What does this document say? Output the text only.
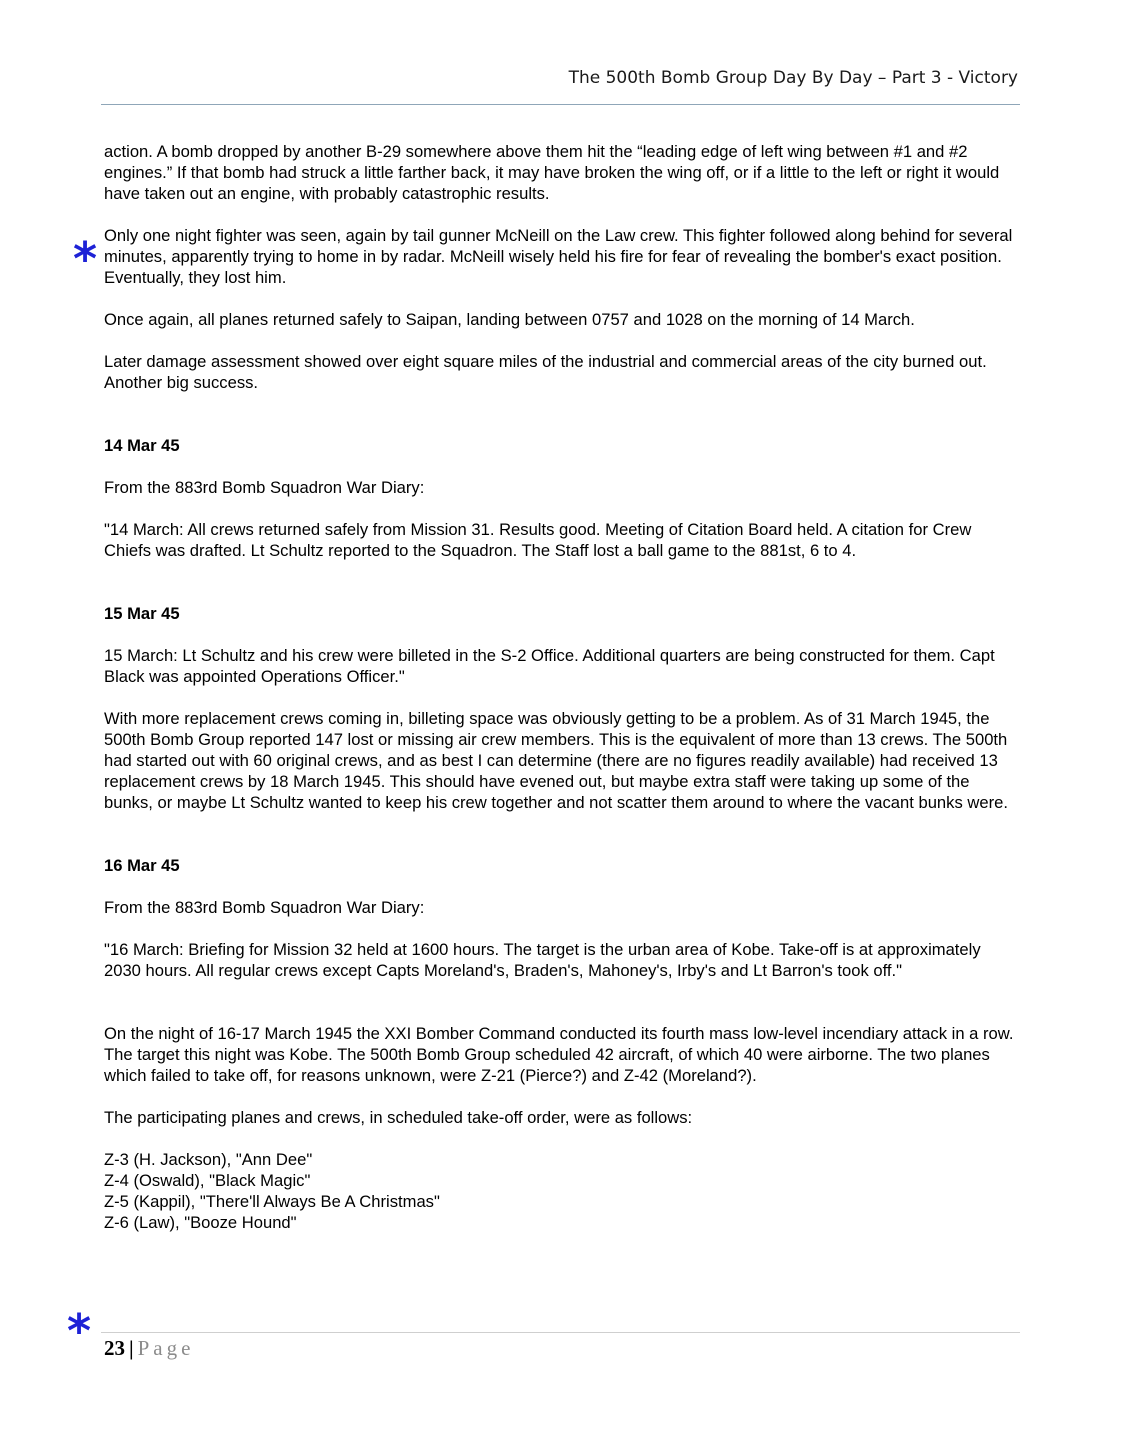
The 500th Bomb Group Day By Day – Part 3 - Victory
*
*

action. A bomb dropped by another B-29 somewhere above them hit the “leading edge of left wing between #1 and #2 engines.” If that bomb had struck a little farther back, it may have broken the wing off, or if a little to the left or right it would have taken out an engine, with probably catastrophic results.

Only one night fighter was seen, again by tail gunner McNeill on the Law crew. This fighter followed along behind for several minutes, apparently trying to home in by radar. McNeill wisely held his fire for fear of revealing the bomber's exact position. Eventually, they lost him.

Once again, all planes returned safely to Saipan, landing between 0757 and 1028 on the morning of 14 March.

Later damage assessment showed over eight square miles of the industrial and commercial areas of the city burned out. Another big success.

14 Mar 45

From the 883rd Bomb Squadron War Diary:

"14 March: All crews returned safely from Mission 31. Results good. Meeting of Citation Board held. A citation for Crew Chiefs was drafted. Lt Schultz reported to the Squadron. The Staff lost a ball game to the 881st, 6 to 4.

15 Mar 45

15 March: Lt Schultz and his crew were billeted in the S-2 Office. Additional quarters are being constructed for them. Capt Black was appointed Operations Officer."

With more replacement crews coming in, billeting space was obviously getting to be a problem. As of 31 March 1945, the 500th Bomb Group reported 147 lost or missing air crew members. This is the equivalent of more than 13 crews. The 500th had started out with 60 original crews, and as best I can determine (there are no figures readily available) had received 13 replacement crews by 18 March 1945. This should have evened out, but maybe extra staff were taking up some of the bunks, or maybe Lt Schultz wanted to keep his crew together and not scatter them around to where the vacant bunks were.

16 Mar 45

From the 883rd Bomb Squadron War Diary:

"16 March: Briefing for Mission 32 held at 1600 hours. The target is the urban area of Kobe. Take-off is at approximately 2030 hours. All regular crews except Capts Moreland's, Braden's, Mahoney's, Irby's and Lt Barron's took off."

On the night of 16-17 March 1945 the XXI Bomber Command conducted its fourth mass low-level incendiary attack in a row. The target this night was Kobe. The 500th Bomb Group scheduled 42 aircraft, of which 40 were airborne. The two planes which failed to take off, for reasons unknown, were Z-21 (Pierce?) and Z-42 (Moreland?).

The participating planes and crews, in scheduled take-off order, were as follows:

Z-3 (H. Jackson), "Ann Dee"

Z-4 (Oswald), "Black Magic"

Z-5 (Kappil), "There'll Always Be A Christmas"

Z-6 (Law), "Booze Hound"

23 | Page
